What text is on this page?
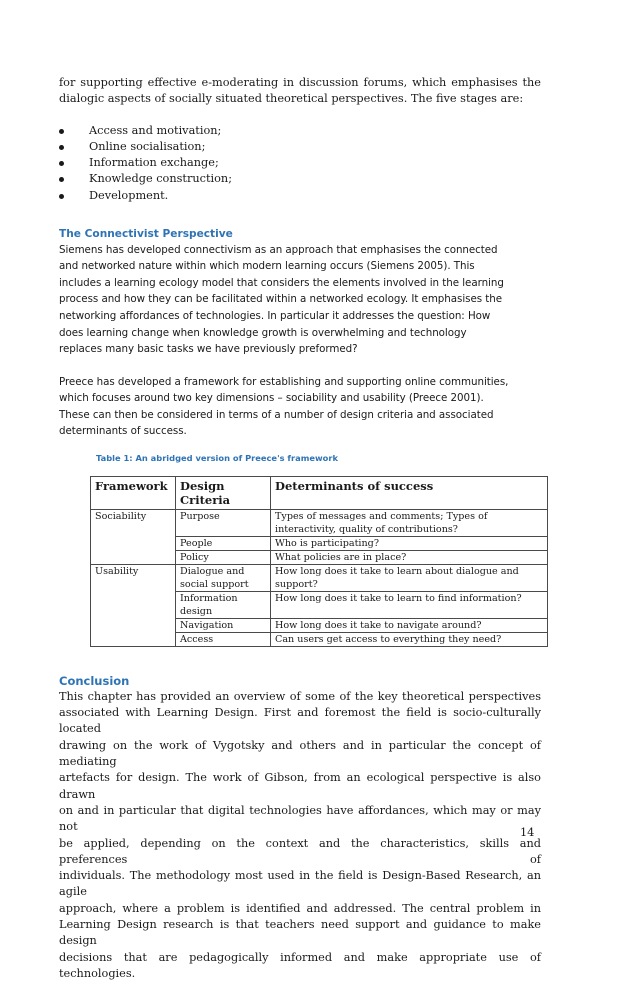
for supporting effective e-moderating in discussion forums, which emphasises the

dialogic aspects of socially situated theoretical perspectives. The five stages are:

Access and motivation;
Online socialisation;
Information exchange;
Knowledge construction;
Development.
The Connectivist Perspective
Siemens has developed connectivism as an approach that emphasises the connected
and networked nature within which modern learning occurs (Siemens 2005). This
includes a learning ecology model that considers the elements involved in the learning
process and how they can be facilitated within a networked ecology. It emphasises the
networking affordances of technologies. In particular it addresses the question: How
does learning change when knowledge growth is overwhelming and technology
replaces many basic tasks we have previously preformed?
Preece has developed a framework for establishing and supporting online communities,
which focuses around two key dimensions – sociability and usability (Preece 2001).
These can then be considered in terms of a number of design criteria and associated
determinants of success.
Table 1: An abridged version of Preece's framework
Framework	Design Criteria	Determinants of success
Sociability	Purpose	Types of messages and comments; Types of interactivity, quality of contributions?
	People	Who is participating?
	Policy	What policies are in place?
Usability	Dialogue and social support	How long does it take to learn about dialogue and support?
	Information design	How long does it take to learn to find information?
	Navigation	How long does it take to navigate around?
	Access	Can users get access to everything they need?
Conclusion

This chapter has provided an overview of some of the key theoretical perspectives

associated with Learning Design. First and foremost the field is socio-culturally located

drawing on the work of Vygotsky and others and in particular the concept of mediating

artefacts for design. The work of Gibson, from an ecological perspective is also drawn

on and in particular that digital technologies have affordances, which may or may not

be applied, depending on the context and the characteristics, skills and preferences of

individuals. The methodology most used in the field is Design-Based Research, an agile

approach, where a problem is identified and addressed. The central problem in

Learning Design research is that teachers need support and guidance to make design

decisions that are pedagogically informed and make appropriate use of technologies.

14
